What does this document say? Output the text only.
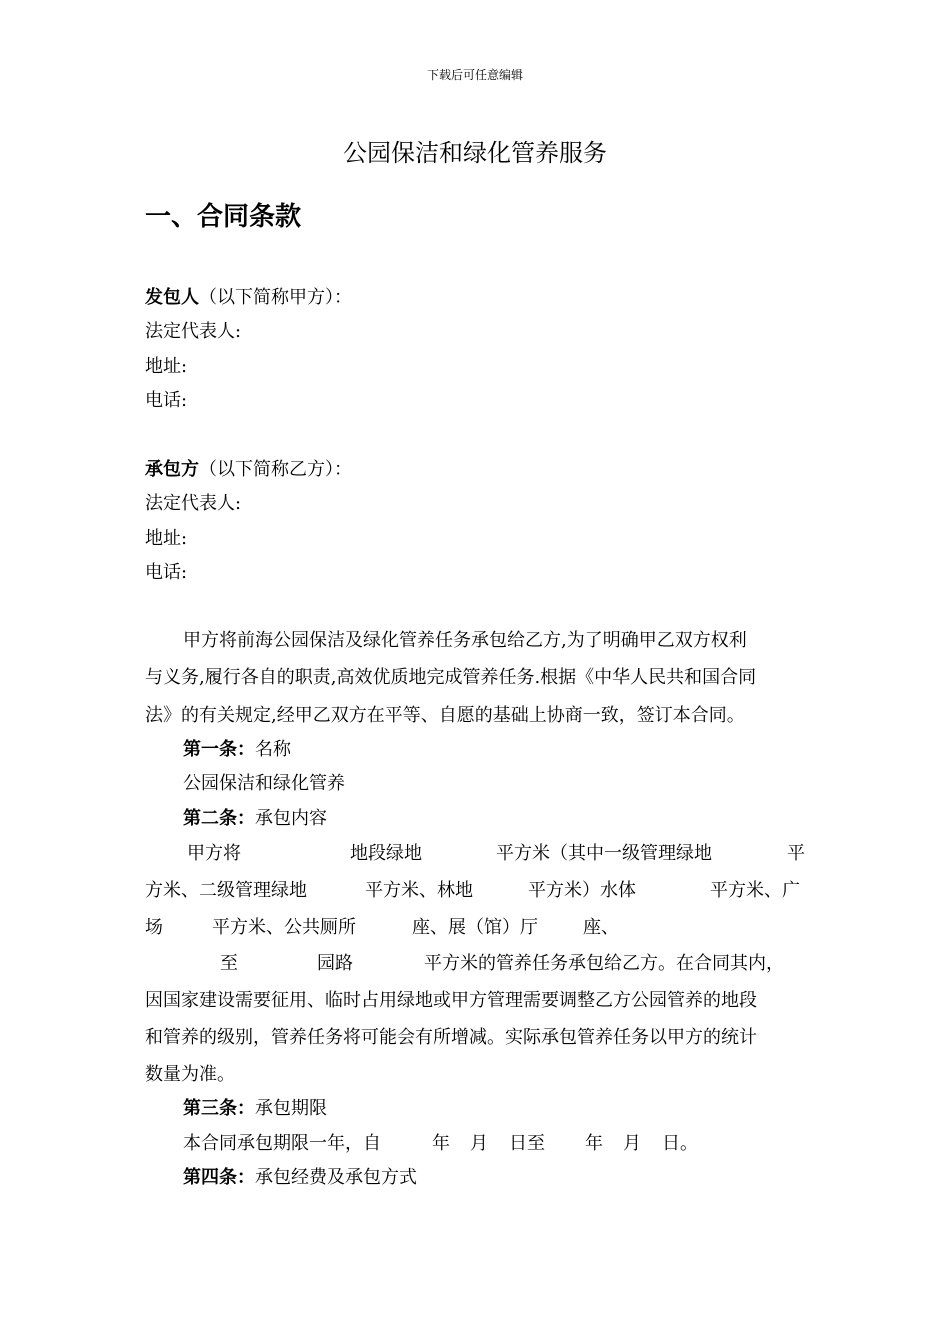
下载后可任意编辑
公园保洁和绿化管养服务
一、合同条款
发包人（以下简称甲方）：
法定代表人:
地址:
电话:
承包方（以下简称乙方）：
法定代表人:
地址:
电话:
甲方将前海公园保洁及绿化管养任务承包给乙方,为了明确甲乙双方权利
与义务,履行各自的职责,高效优质地完成管养任务.根据《中华人民共和国合同
法》的有关规定,经甲乙双方在平等、自愿的基础上协商一致，签订本合同。
第一条：名称
公园保洁和绿化管养
第二条：承包内容
甲方将	地段绿地	平方米（其中一级管理绿地	平
方米、二级管理绿地	平方米、林地	平方米）水体	平方米、广
场	平方米、公共厕所	座、展（馆）厅	座、
至	园路	平方米的管养任务承包给乙方。在合同其内，
因国家建设需要征用、临时占用绿地或甲方管理需要调整乙方公园管养的地段
和管养的级别，管养任务将可能会有所增减。实际承包管养任务以甲方的统计
数量为准。
第三条：承包期限
本合同承包期限一年，自	年 月 日至 年 月 日。
第四条：承包经费及承包方式
